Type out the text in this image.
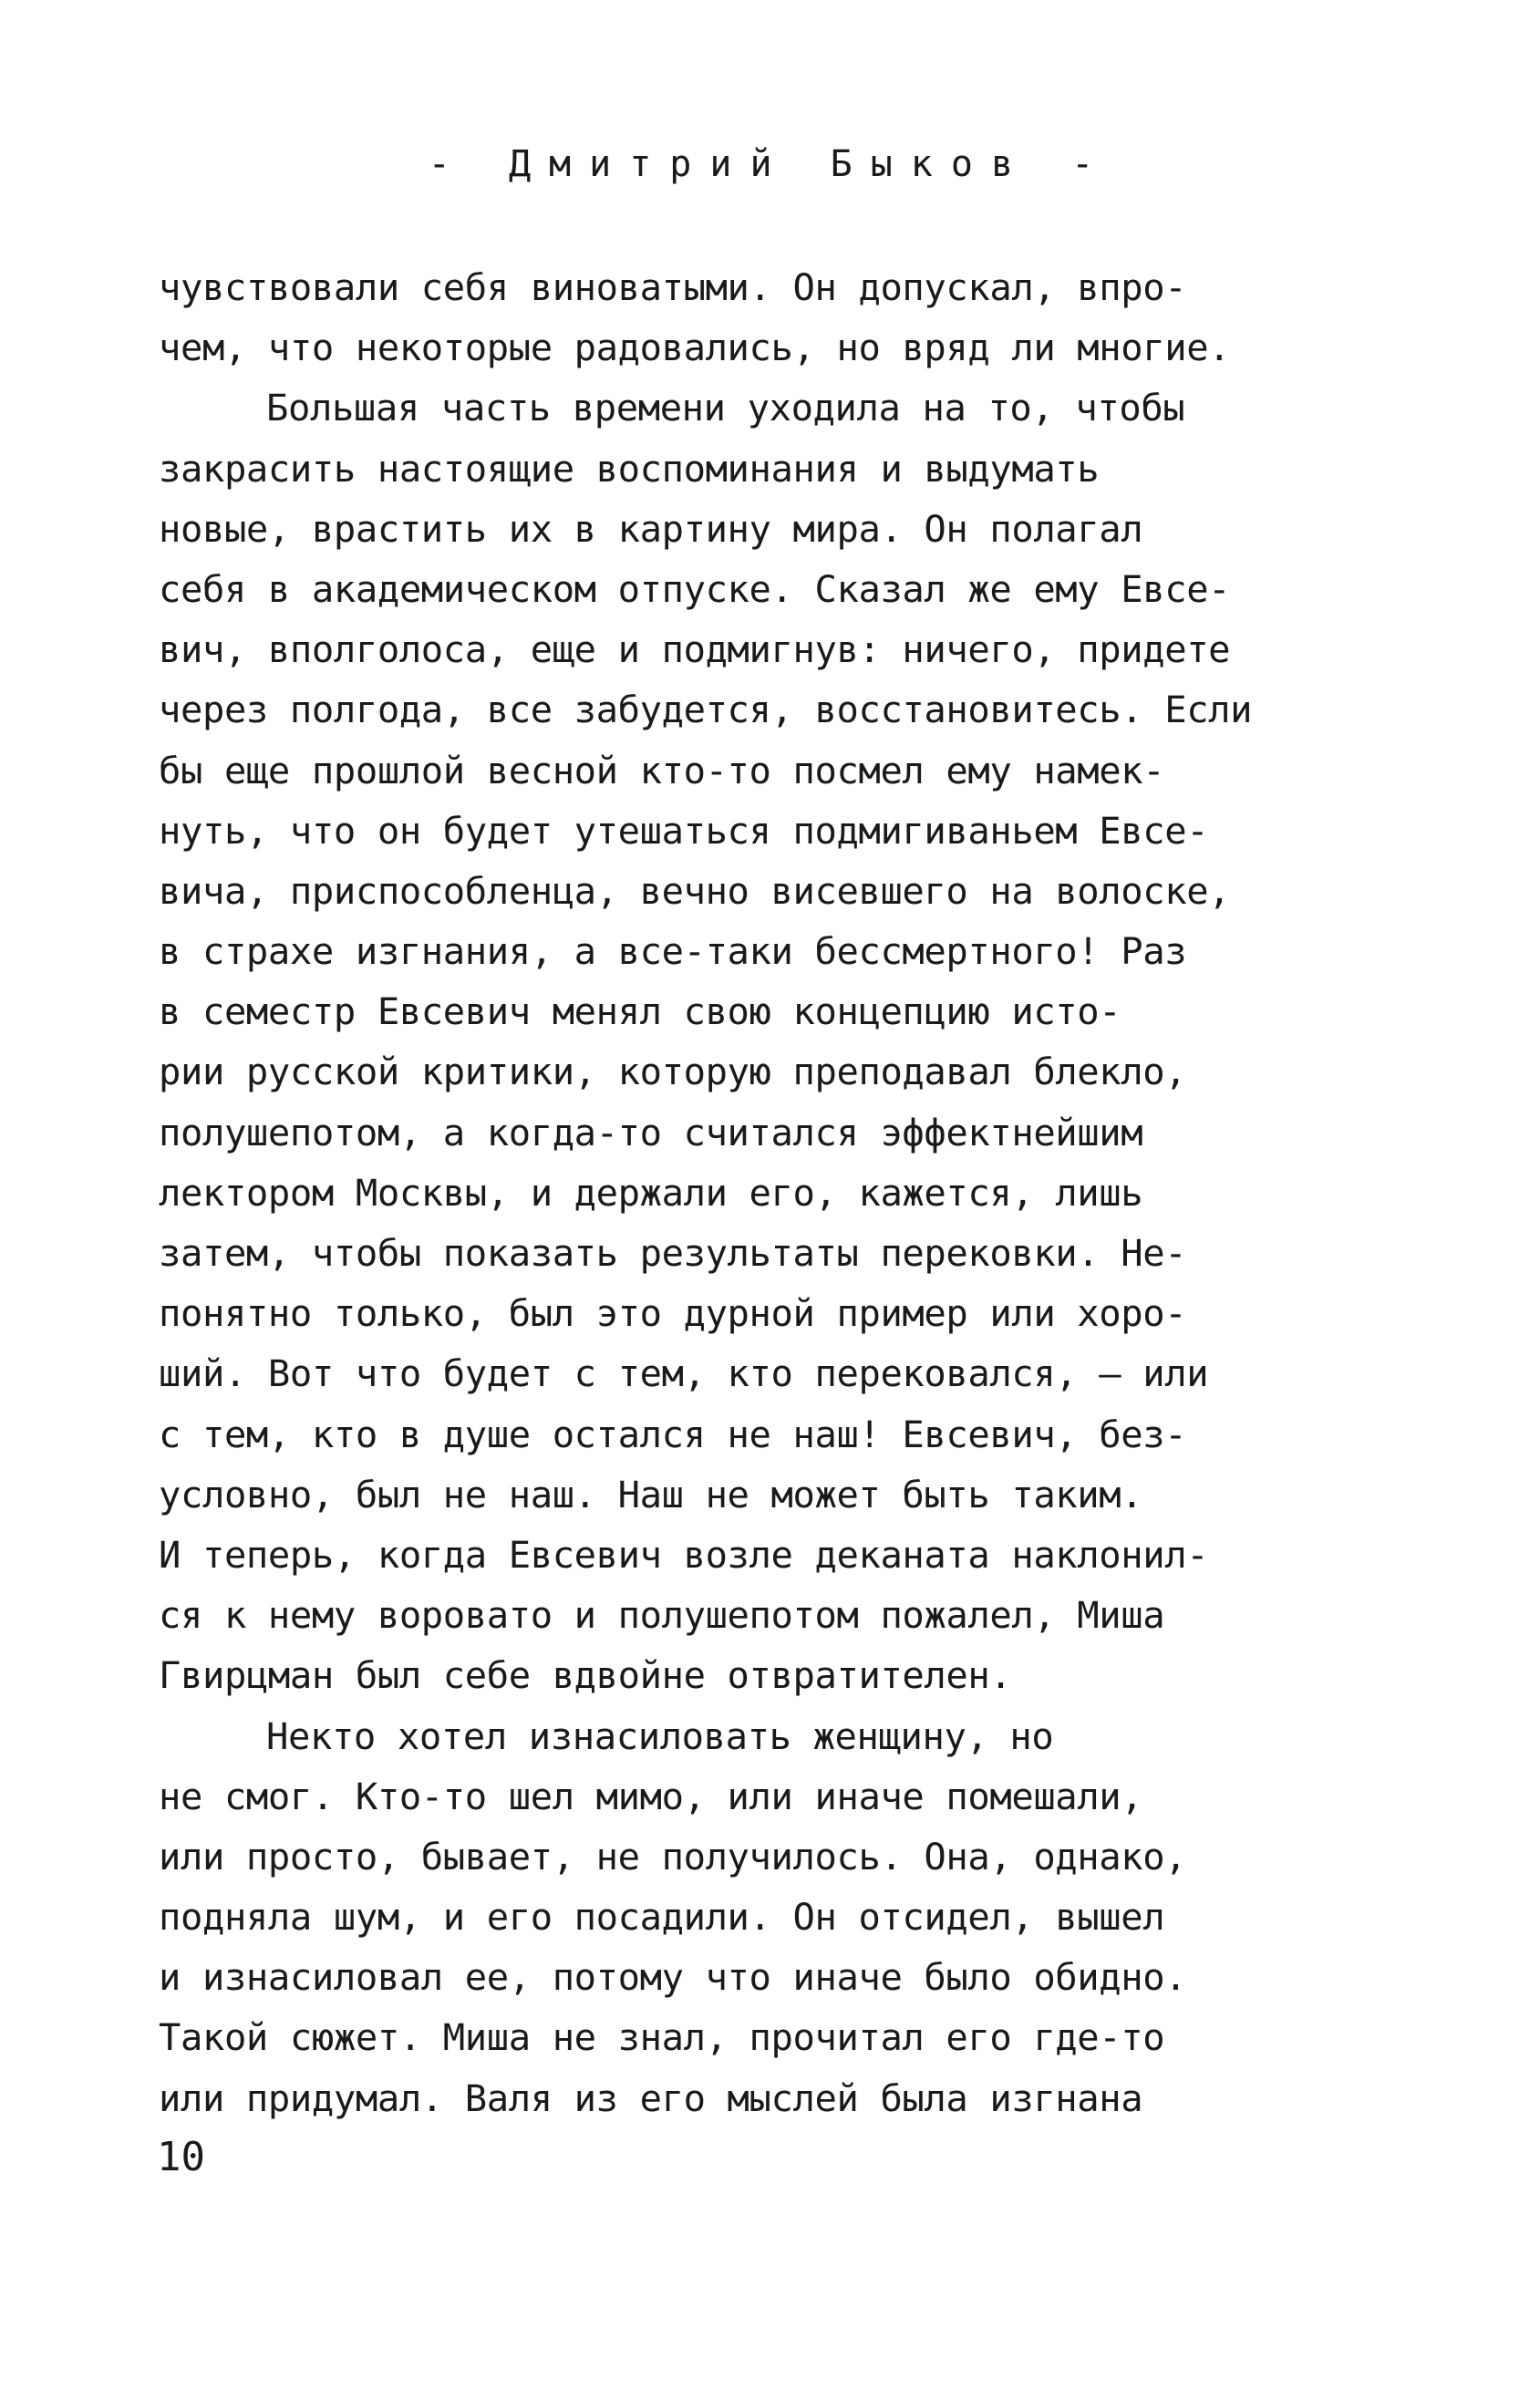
- Дмитрий Быков -
чувствовали себя виноватыми. Он допускал, впро-
чем, что некоторые радовались, но вряд ли многие.
Большая часть времени уходила на то, чтобы
закрасить настоящие воспоминания и выдумать
новые, врастить их в картину мира. Он полагал
себя в академическом отпуске. Сказал же ему Евсе-
вич, вполголоса, еще и подмигнув: ничего, придете
через полгода, все забудется, восстановитесь. Если
бы еще прошлой весной кто-то посмел ему намек-
нуть, что он будет утешаться подмигиваньем Евсе-
вича, приспособленца, вечно висевшего на волоске,
в страхе изгнания, а все-таки бессмертного! Раз
в семестр Евсевич менял свою концепцию исто-
рии русской критики, которую преподавал блекло,
полушепотом, а когда-то считался эффектнейшим
лектором Москвы, и держали его, кажется, лишь
затем, чтобы показать результаты перековки. Не-
понятно только, был это дурной пример или хоро-
ший. Вот что будет с тем, кто перековался, — или
с тем, кто в душе остался не наш! Евсевич, без-
условно, был не наш. Наш не может быть таким.
И теперь, когда Евсевич возле деканата наклонил-
ся к нему воровато и полушепотом пожалел, Миша
Гвирцман был себе вдвойне отвратителен.
Некто хотел изнасиловать женщину, но
не смог. Кто-то шел мимо, или иначе помешали,
или просто, бывает, не получилось. Она, однако,
подняла шум, и его посадили. Он отсидел, вышел
и изнасиловал ее, потому что иначе было обидно.
Такой сюжет. Миша не знал, прочитал его где-то
или придумал. Валя из его мыслей была изгнана
10
